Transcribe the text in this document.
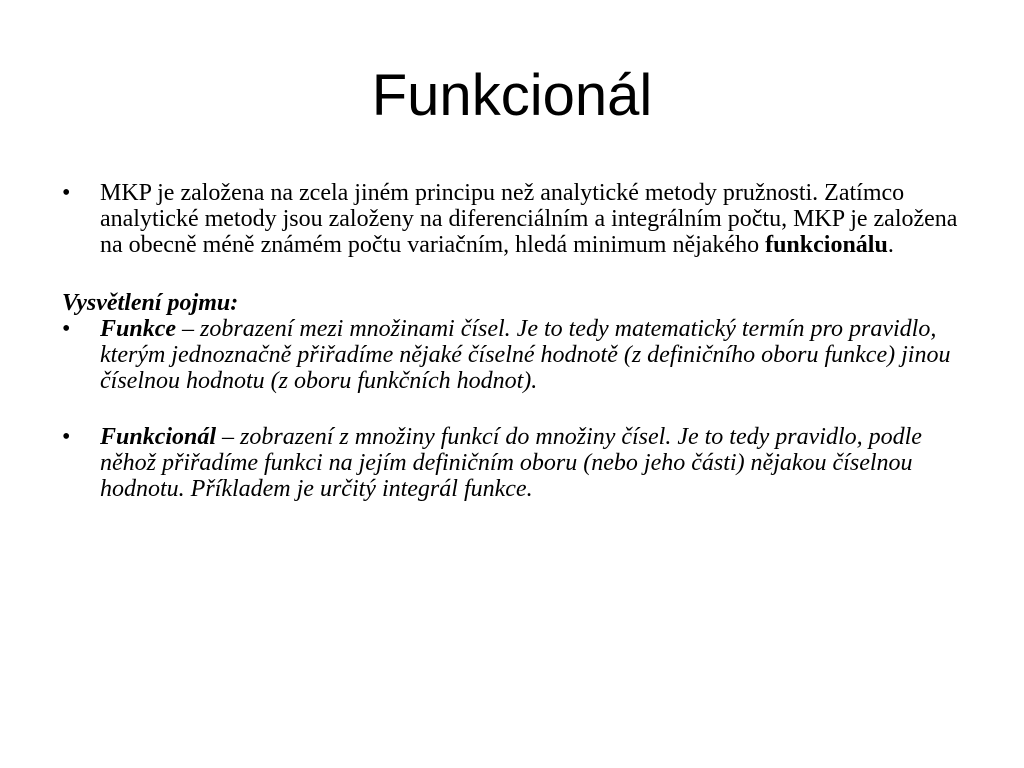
Funkcionál

• MKP je založena na zcela jiném principu než analytické metody pružnosti. Zatímco analytické metody jsou založeny na diferenciálním a integrálním počtu, MKP je založena na obecně méně známém počtu variačním, hledá minimum nějakého funkcionálu.

Vysvětlení pojmu:

• Funkce – zobrazení mezi množinami čísel. Je to tedy matematický termín pro pravidlo, kterým jednoznačně přiřadíme nějaké číselné hodnotě (z definičního oboru funkce) jinou číselnou hodnotu (z oboru funkčních hodnot).

• Funkcionál – zobrazení z množiny funkcí do množiny čísel. Je to tedy pravidlo, podle něhož přiřadíme funkci na jejím definičním oboru (nebo jeho části) nějakou číselnou hodnotu. Příkladem je určitý integrál funkce.
